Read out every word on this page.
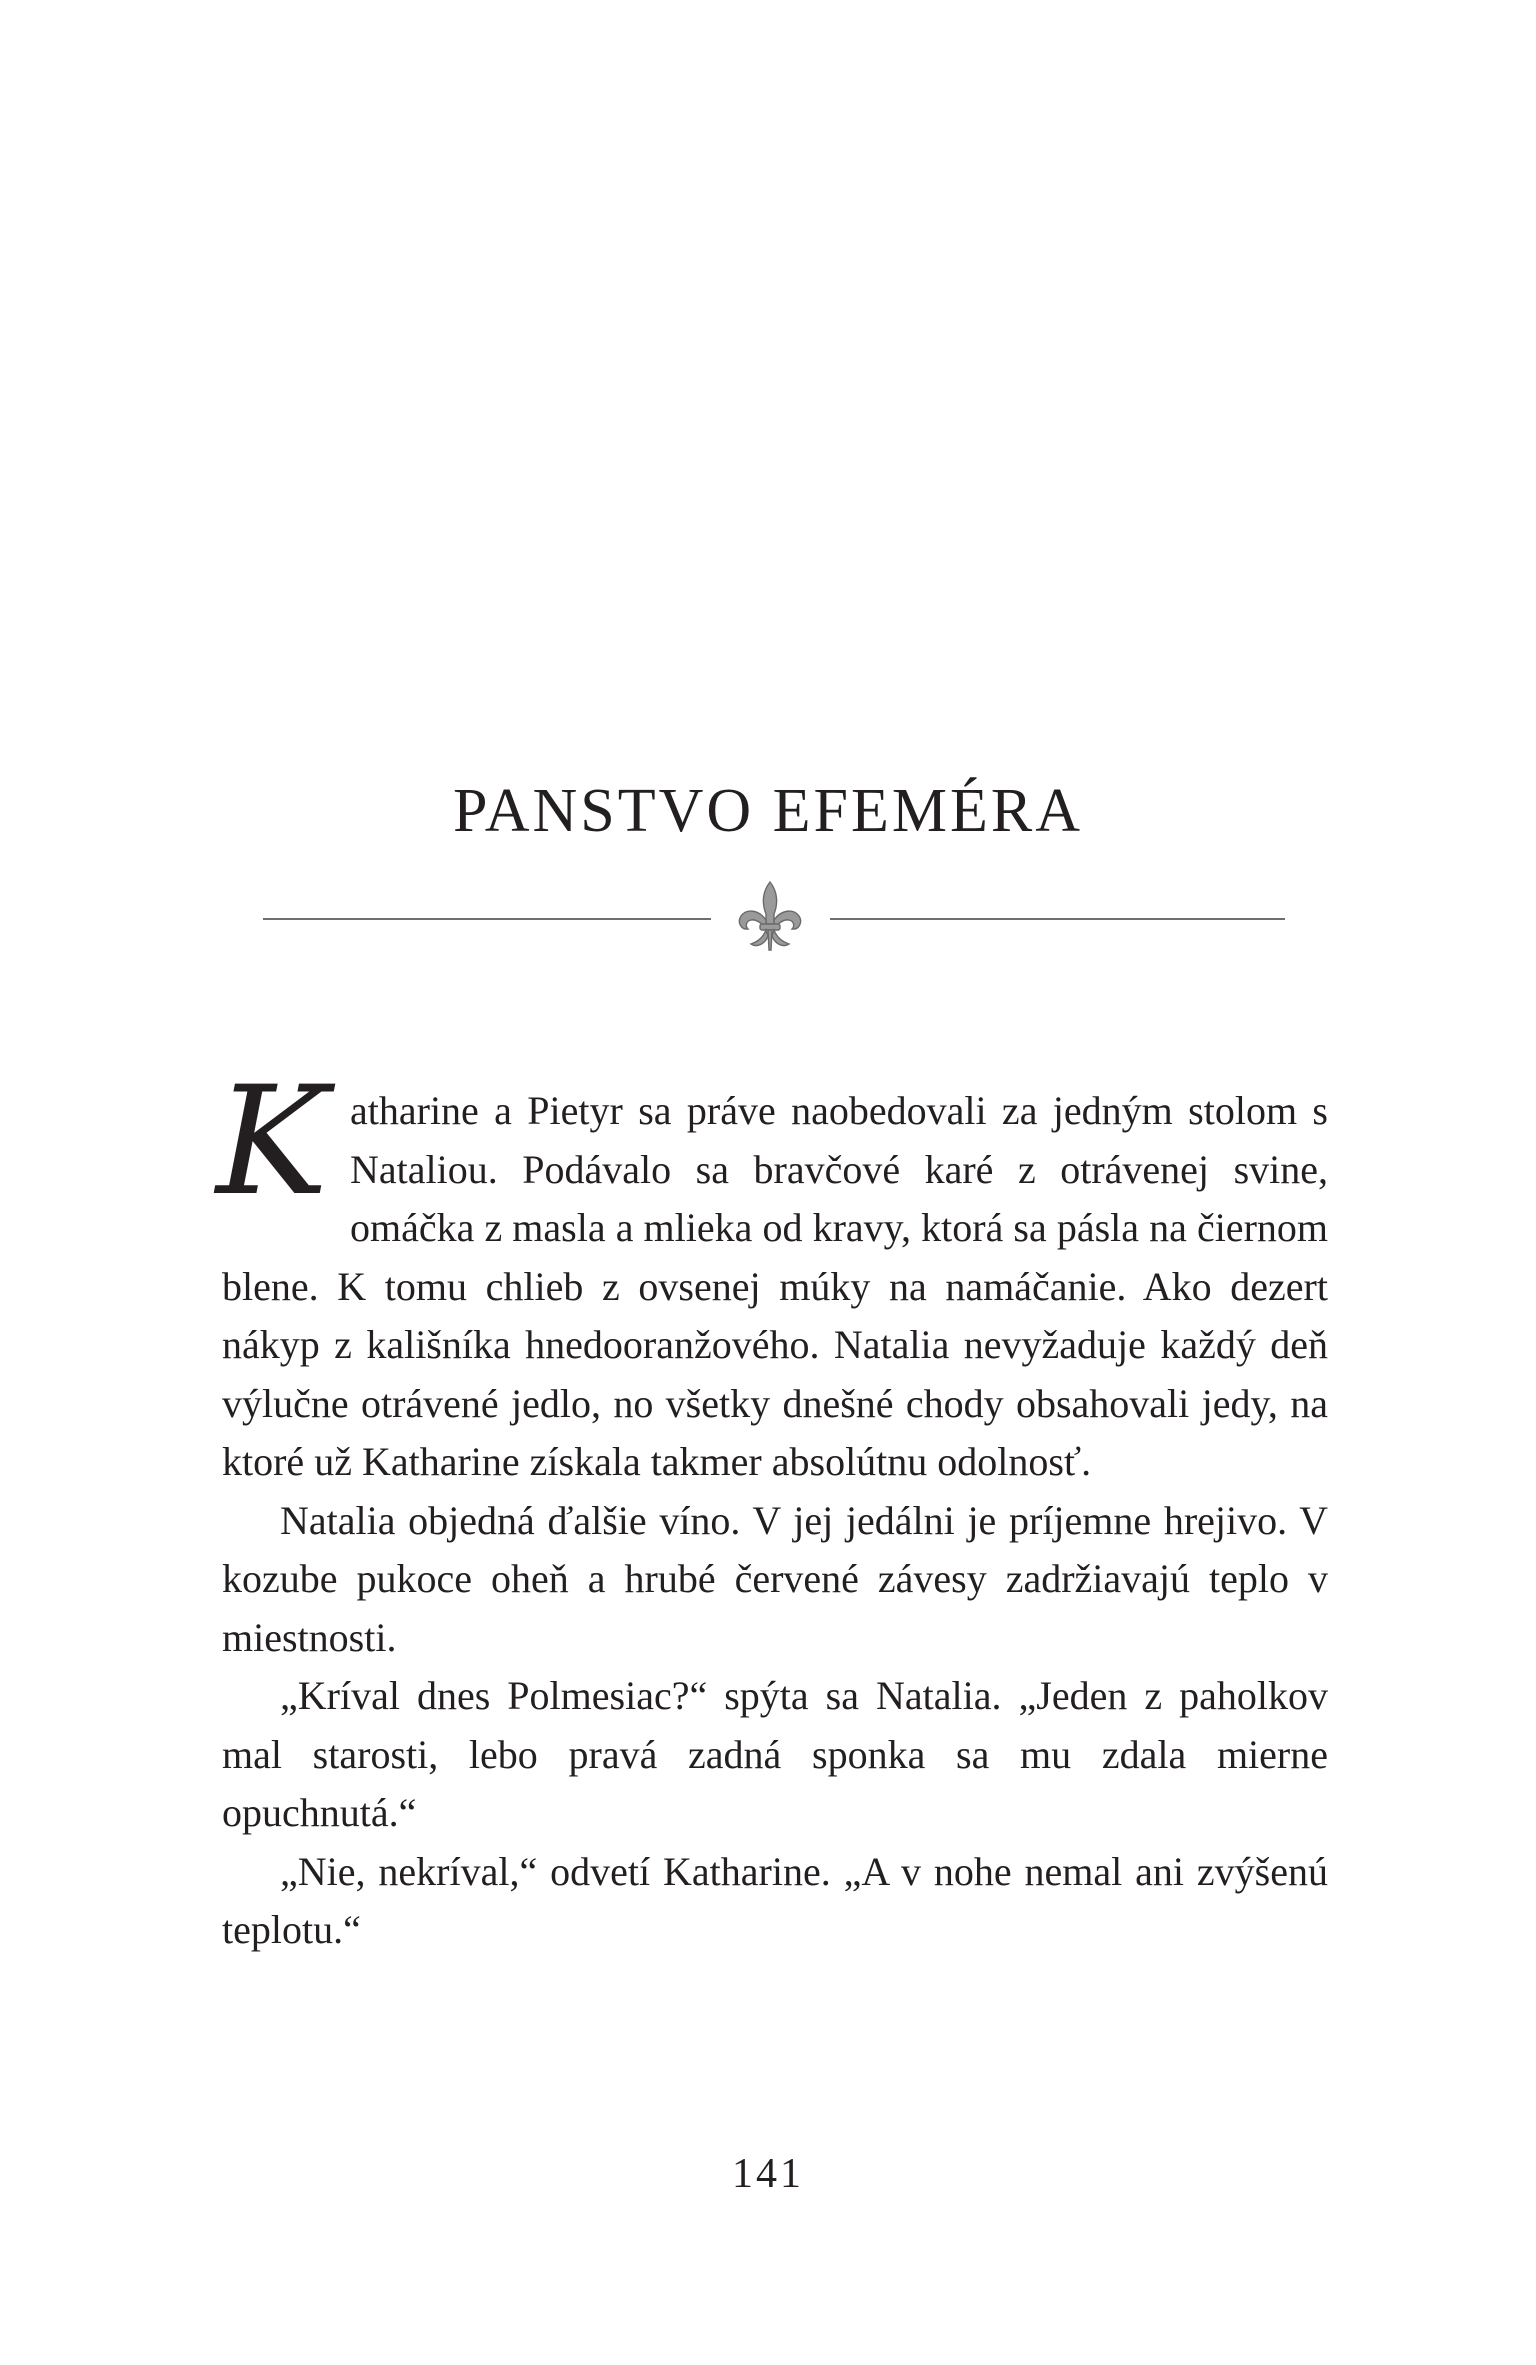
PANSTVO EFEMÉRA

Katharine a Pietyr sa práve naobedovali za jedným stolom s Nataliou. Podávalo sa bravčové karé z otrávenej svine, omáčka z masla a mlieka od kravy, ktorá sa pásla na čiernom blene. K tomu chlieb z ovsenej múky na namáčanie. Ako dezert nákyp z kališníka hnedooranžového. Natalia nevyžaduje každý deň výlučne otrávené jedlo, no všetky dnešné chody obsahovali jedy, na ktoré už Katharine získala takmer absolútnu odolnosť.

Natalia objedná ďalšie víno. V jej jedálni je príjemne hrejivo. V kozube pukoce oheň a hrubé červené závesy zadržiavajú teplo v miestnosti.

„Kríval dnes Polmesiac?“ spýta sa Natalia. „Jeden z paholkov mal starosti, lebo pravá zadná sponka sa mu zdala mierne opuchnutá.“

„Nie, nekríval,“ odvetí Katharine. „A v nohe nemal ani zvýšenú teplotu.“

141
